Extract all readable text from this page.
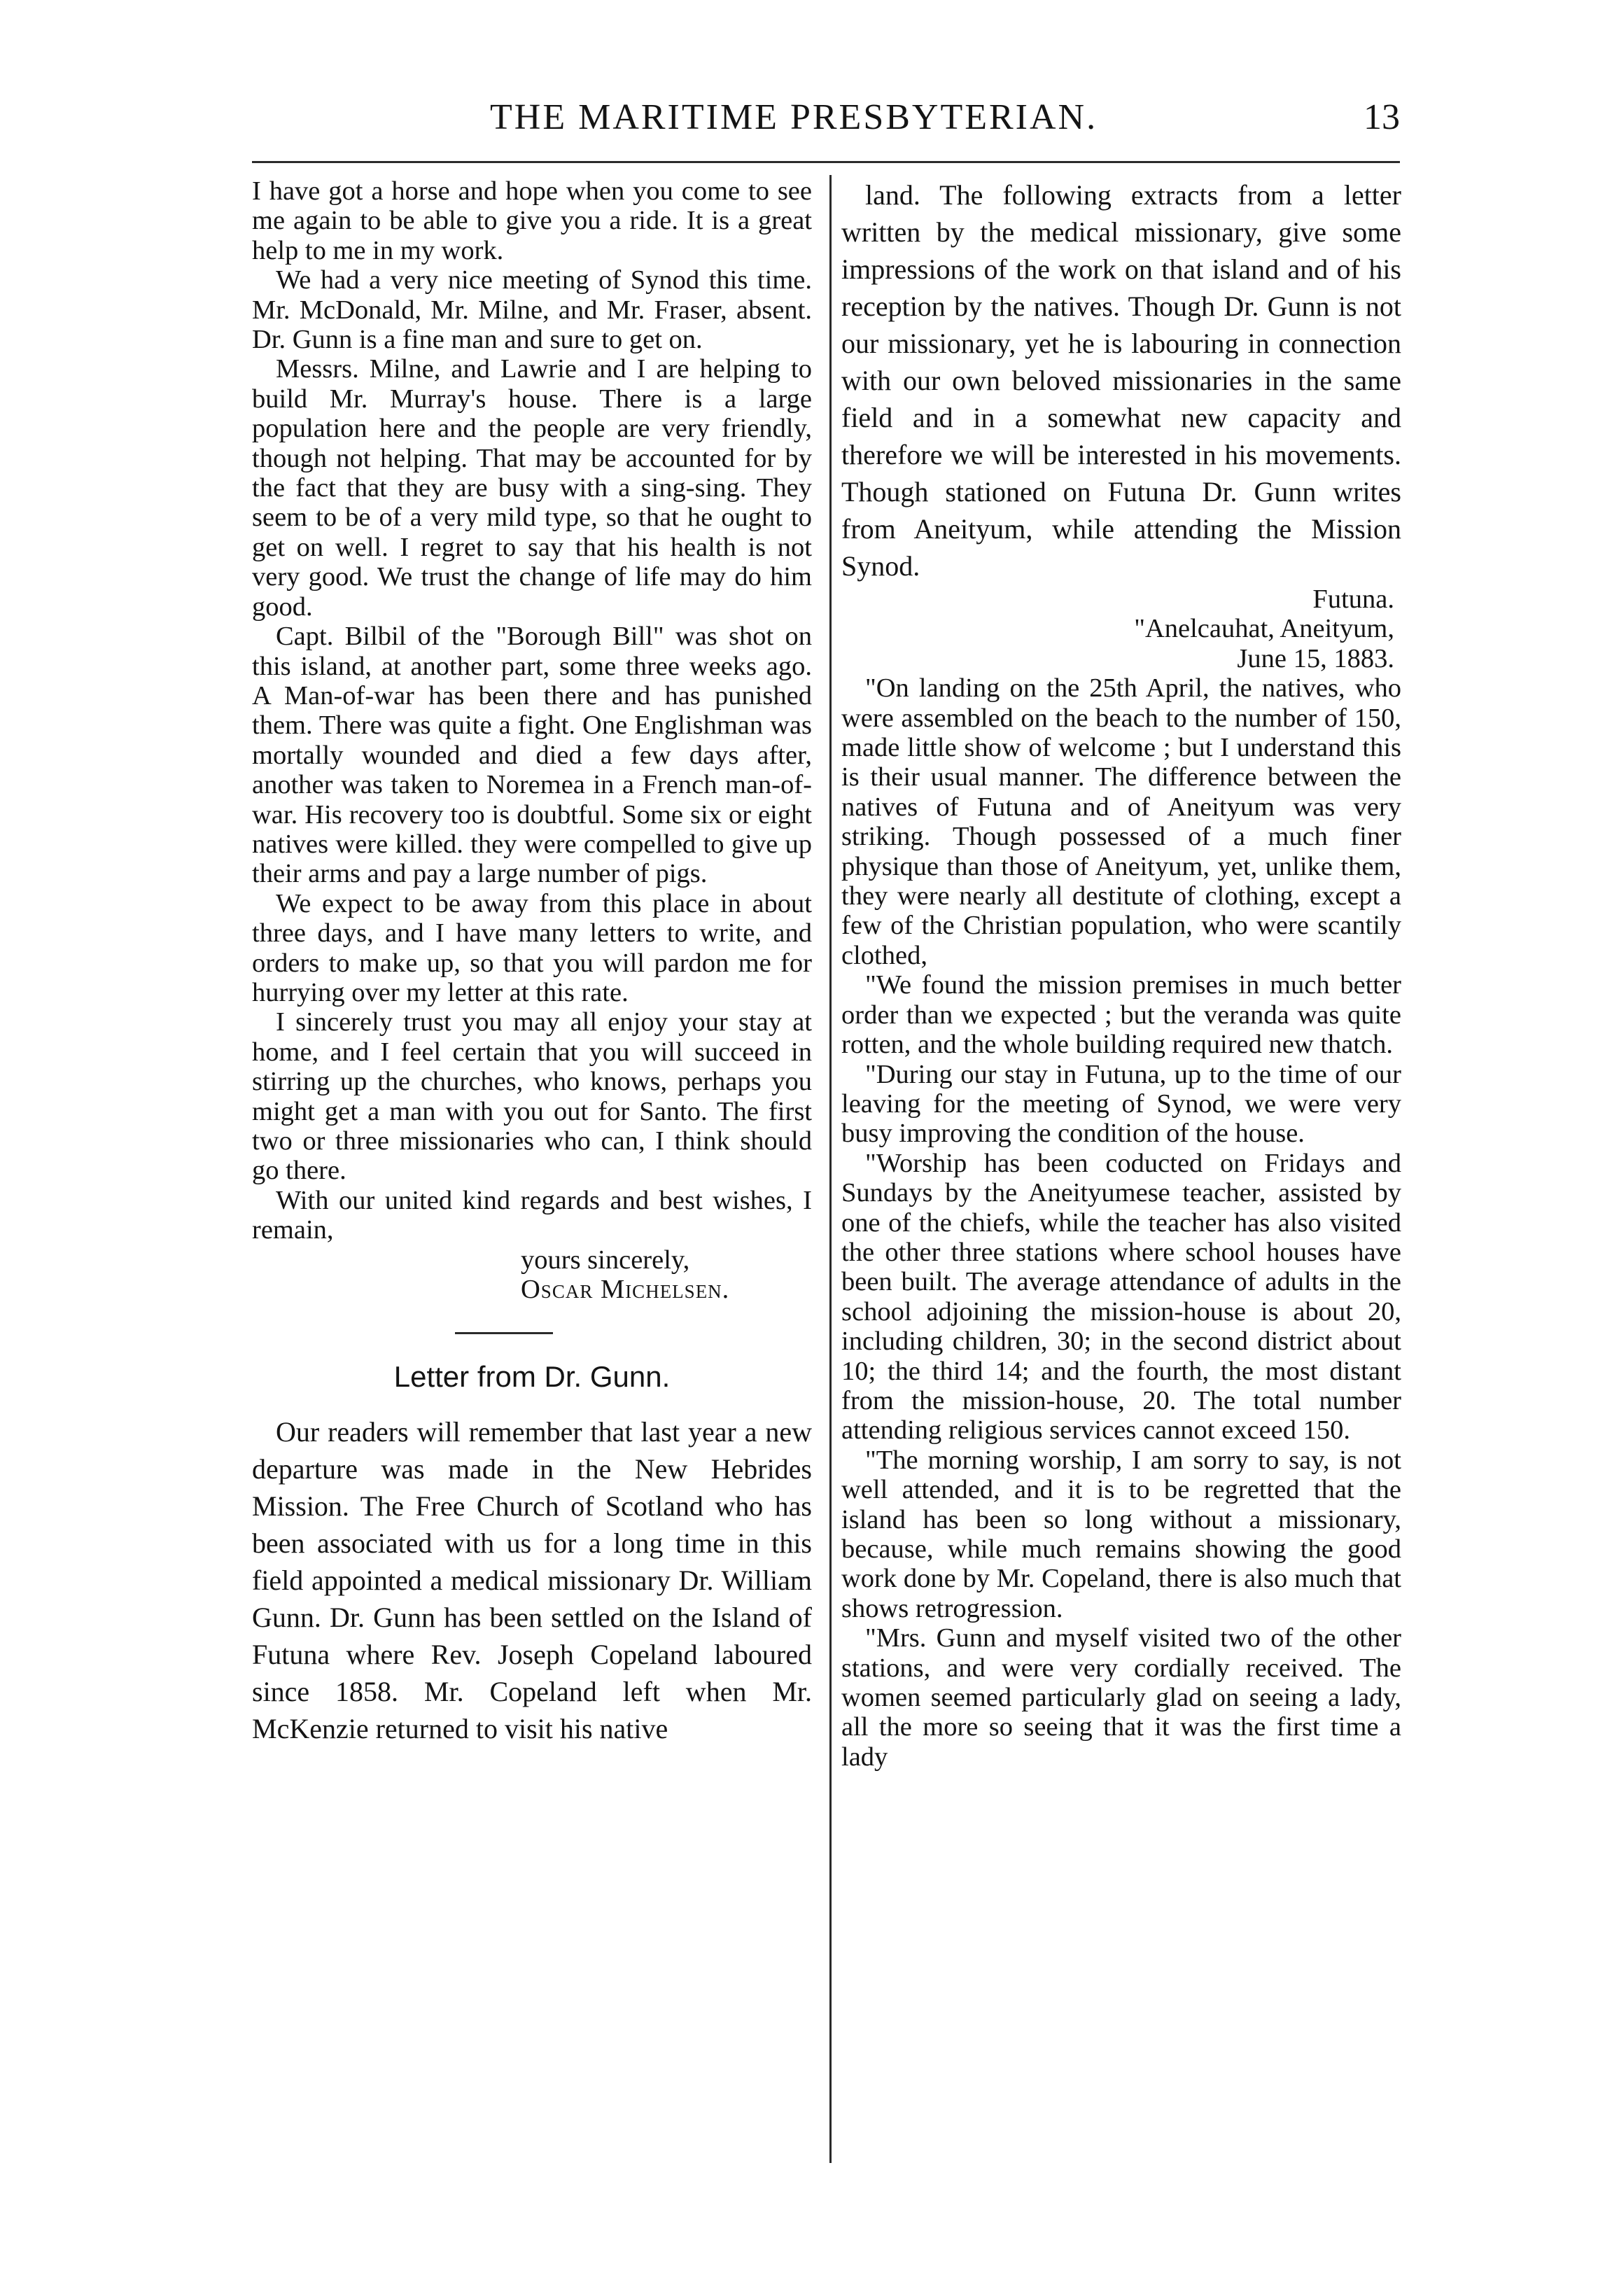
THE MARITIME PRESBYTERIAN.	13

I have got a horse and hope when you come to see me again to be able to give you a ride. It is a great help to me in my work.

We had a very nice meeting of Synod this time. Mr. McDonald, Mr. Milne, and Mr. Fraser, absent. Dr. Gunn is a fine man and sure to get on.

Messrs. Milne, and Lawrie and I are helping to build Mr. Murray's house. There is a large population here and the people are very friendly, though not helping. That may be accounted for by the fact that they are busy with a sing-sing. They seem to be of a very mild type, so that he ought to get on well. I regret to say that his health is not very good. We trust the change of life may do him good.

Capt. Bilbil of the "Borough Bill" was shot on this island, at another part, some three weeks ago. A Man-of-war has been there and has punished them. There was quite a fight. One Englishman was mortally wounded and died a few days after, another was taken to Noremea in a French man-of-war. His recovery too is doubtful. Some six or eight natives were killed. they were compelled to give up their arms and pay a large number of pigs.

We expect to be away from this place in about three days, and I have many letters to write, and orders to make up, so that you will pardon me for hurrying over my letter at this rate.

I sincerely trust you may all enjoy your stay at home, and I feel certain that you will succeed in stirring up the churches, who knows, perhaps you might get a man with you out for Santo. The first two or three missionaries who can, I think should go there.

With our united kind regards and best wishes, I remain,

yours sincerely,

Oscar Michelsen.

Letter from Dr. Gunn.

Our readers will remember that last year a new departure was made in the New Hebrides Mission. The Free Church of Scotland who has been associated with us for a long time in this field appointed a medical missionary Dr. William Gunn. Dr. Gunn has been settled on the Island of Futuna where Rev. Joseph Copeland laboured since 1858. Mr. Copeland left when Mr. McKenzie returned to visit his native

land. The following extracts from a letter written by the medical missionary, give some impressions of the work on that island and of his reception by the natives. Though Dr. Gunn is not our missionary, yet he is labouring in connection with our own beloved missionaries in the same field and in a somewhat new capacity and therefore we will be interested in his movements. Though stationed on Futuna Dr. Gunn writes from Aneityum, while attending the Mission Synod.

Futuna.

"Anelcauhat, Aneityum,

June 15, 1883.

"On landing on the 25th April, the natives, who were assembled on the beach to the number of 150, made little show of welcome ; but I understand this is their usual manner. The difference between the natives of Futuna and of Aneityum was very striking. Though possessed of a much finer physique than those of Aneityum, yet, unlike them, they were nearly all destitute of clothing, except a few of the Christian population, who were scantily clothed,

"We found the mission premises in much better order than we expected ; but the veranda was quite rotten, and the whole building required new thatch.

"During our stay in Futuna, up to the time of our leaving for the meeting of Synod, we were very busy improving the condition of the house.

"Worship has been coducted on Fridays and Sundays by the Aneityumese teacher, assisted by one of the chiefs, while the teacher has also visited the other three stations where school houses have been built. The average attendance of adults in the school adjoining the mission-house is about 20, including children, 30; in the second district about 10; the third 14; and the fourth, the most distant from the mission-house, 20. The total number attending religious services cannot exceed 150.

"The morning worship, I am sorry to say, is not well attended, and it is to be regretted that the island has been so long without a missionary, because, while much remains showing the good work done by Mr. Copeland, there is also much that shows retrogression.

"Mrs. Gunn and myself visited two of the other stations, and were very cordially received. The women seemed particularly glad on seeing a lady, all the more so seeing that it was the first time a lady
